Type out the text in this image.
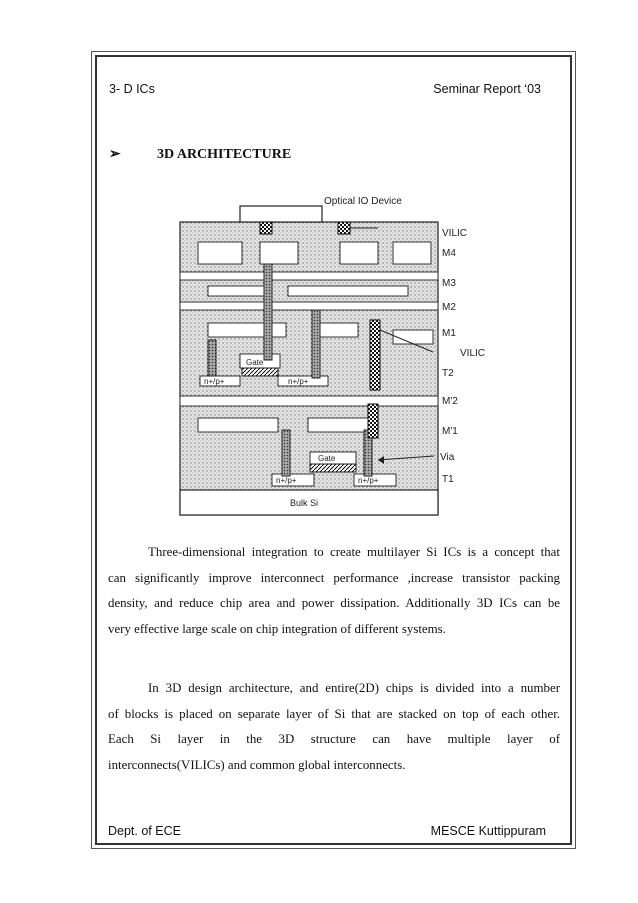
3- D ICs	Seminar Report ‘03
➢	3D ARCHITECTURE
Optical IO Device
VILIC
M4
M3
M2
M1
VILIC
T2
M'2
M'1
Via
T1
Gate
n+/p+	n+/p+
Gate
n+/p+	n+/p+
Bulk Si
Three-dimensional integration to create multilayer Si ICs is a concept that
can significantly improve interconnect performance ,increase transistor packing
density, and reduce chip area and power dissipation. Additionally 3D ICs can be
very effective large scale on chip integration of different systems.
In 3D design architecture, and entire(2D) chips is divided into a number
of blocks is placed on separate layer of Si that are stacked on top of each other.
Each Si layer in the 3D structure can have multiple layer of
interconnects(VILICs) and common global interconnects.
Dept. of ECE	MESCE Kuttippuram
